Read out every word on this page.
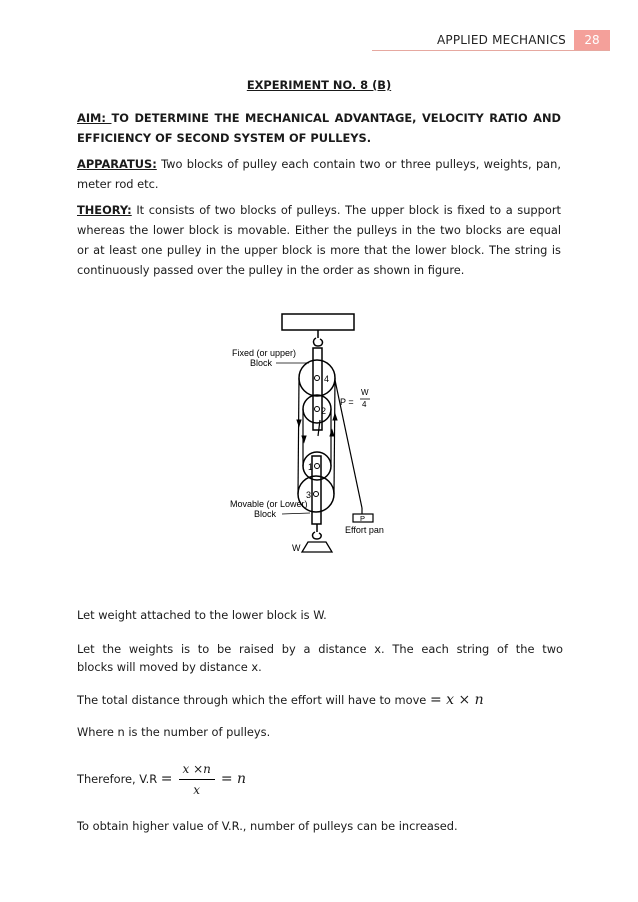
APPLIED MECHANICS	28
EXPERIMENT NO. 8 (B)
AIM: TO DETERMINE THE MECHANICAL ADVANTAGE, VELOCITY RATIO AND EFFICIENCY OF SECOND SYSTEM OF PULLEYS.
APPARATUS: Two blocks of pulley each contain two or three pulleys, weights, pan, meter rod etc.
THEORY: It consists of two blocks of pulleys. The upper block is fixed to a support whereas the lower block is movable. Either the pulleys in the two blocks are equal or at least one pulley in the upper block is more that the lower block. The string is continuously passed over the pulley in the order as shown in figure.
4
2
1
3
P
Effort pan
W
Fixed (or upper)
Block
P =
W
4
Movable (or Lower)
Block
Let weight attached to the lower block is W.
Let the weights is to be raised by a distance x. The each string of the two
blocks will moved by distance x.
The total distance through which the effort will have to move = x × n
Where n is the number of pulleys.
Therefore, $V.R = \frac{x \times n}{x} = n$
To obtain higher value of V.R., number of pulleys can be increased.
